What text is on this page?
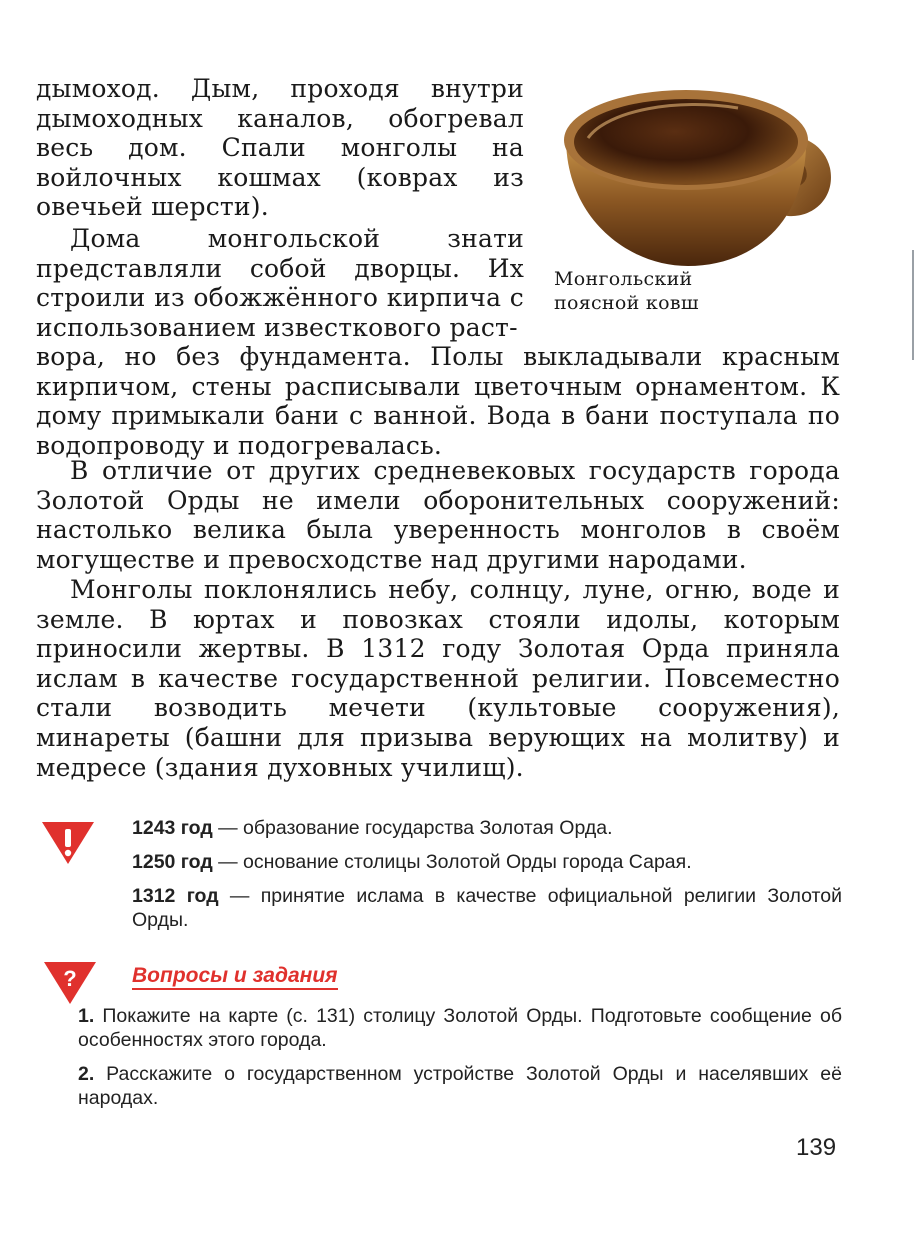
дымоход. Дым, проходя внутри дымоходных каналов, обогревал весь дом. Спали монголы на войлочных кошмах (коврах из овечьей шерсти).

Дома монгольской знати представляли собой дворцы. Их строили из обожжённого кирпича с использованием известкового раст-

вора, но без фундамента. Полы выкладывали красным кирпичом, стены расписывали цветочным орнаментом. К дому примыкали бани с ванной. Вода в бани поступала по водопроводу и подогревалась.

В отличие от других средневековых государств города Золотой Орды не имели оборонительных сооружений: настолько велика была уверенность монголов в своём могуществе и превосходстве над другими народами.

Монголы поклонялись небу, солнцу, луне, огню, воде и земле. В юртах и повозках стояли идолы, которым приносили жертвы. В 1312 году Золотая Орда приняла ислам в качестве государственной религии. Повсеместно стали возводить мечети (культовые сооружения), минареты (башни для призыва верующих на молитву) и медресе (здания духовных училищ).

Монгольский
поясной ковш

1243 год — образование государства Золотая Орда.

1250 год — основание столицы Золотой Орды города Сарая.

1312 год — принятие ислама в качестве официальной религии Золотой Орды.

?	Вопросы и задания

1. Покажите на карте (с. 131) столицу Золотой Орды. Подготовьте сообщение об особенностях этого города.

2. Расскажите о государственном устройстве Золотой Орды и населявших её народах.

139
